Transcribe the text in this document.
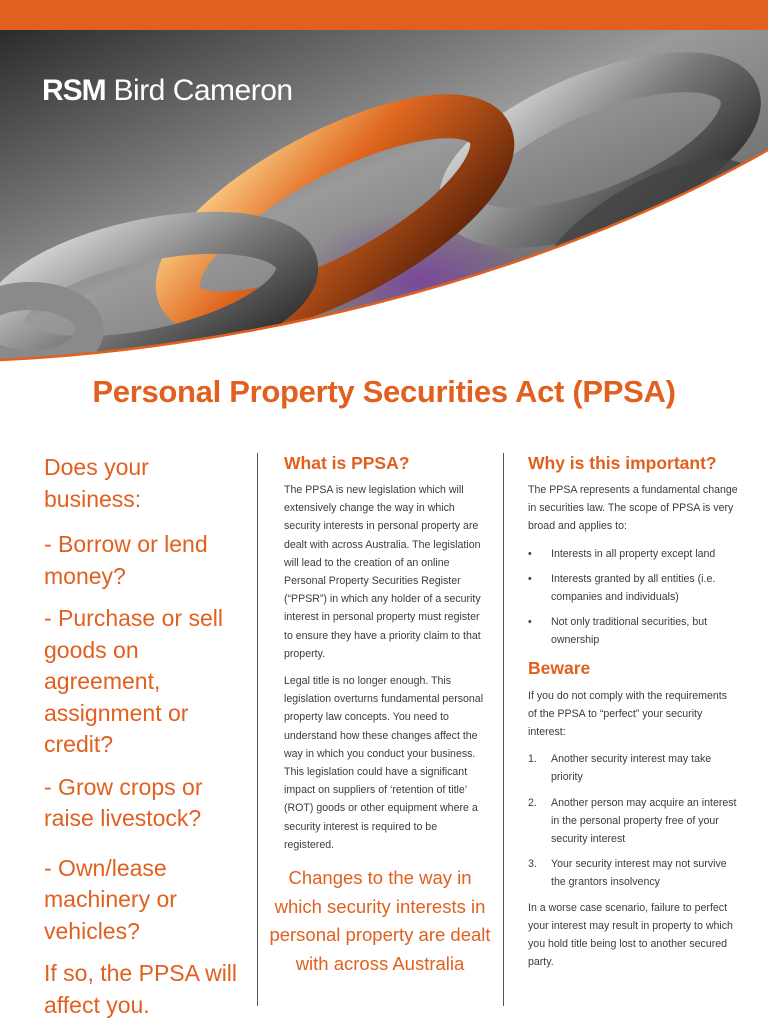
RSM Bird Cameron
Personal Property Securities Act (PPSA)

Does your business:

- Borrow or lend money?

- Purchase or sell goods on agreement, assignment or credit?

- Grow crops or raise livestock?

- Own/lease machinery or vehicles?

If so, the PPSA will affect you.

What is PPSA?

The PPSA is new legislation which will extensively change the way in which security interests in personal property are dealt with across Australia. The legislation will lead to the creation of an online Personal Property Securities Register (“PPSR”) in which any holder of a security interest in personal property must register to ensure they have a priority claim to that property.

Legal title is no longer enough. This legislation overturns fundamental personal property law concepts. You need to understand how these changes affect the way in which you conduct your business. This legislation could have a significant impact on suppliers of ‘retention of title’ (ROT) goods or other equipment where a security interest is required to be registered.

Changes to the way in which security interests in personal property are dealt with across Australia

Why is this important?

The PPSA represents a fundamental change in securities law. The scope of PPSA is very broad and applies to:

• Interests in all property except land
• Interests granted by all entities (i.e. companies and individuals)
• Not only traditional securities, but ownership
Beware

If you do not comply with the requirements of the PPSA to “perfect” your security interest:

1. Another security interest may take priority
2. Another person may acquire an interest in the personal property free of your security interest
3. Your security interest may not survive the grantors insolvency

In a worse case scenario, failure to perfect your interest may result in property to which you hold title being lost to another secured party.
